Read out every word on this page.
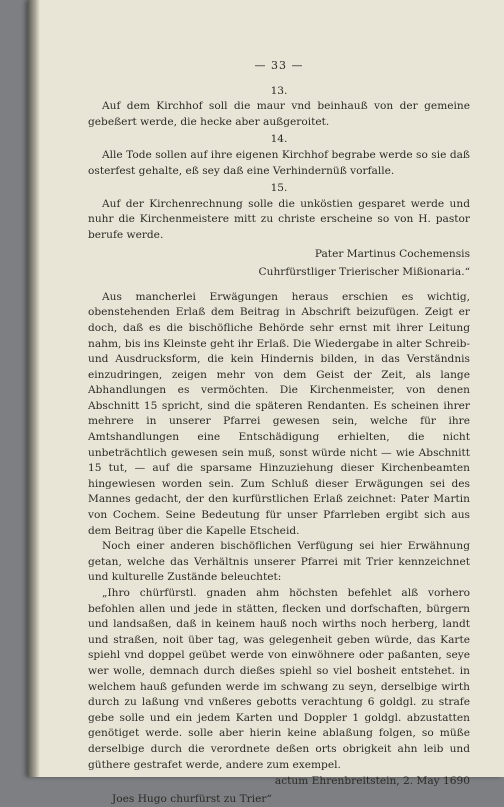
— 33 —
13.

Auf dem Kirchhof soll die maur vnd beinhauß von der gemeine gebeßert werde, die hecke aber außgeroitet.

14.

Alle Tode sollen auf ihre eigenen Kirchhof begrabe werde so sie daß osterfest gehalte, eß sey daß eine Verhindernüß vorfalle.

15.

Auf der Kirchenrechnung solle die unköstien gesparet werde und nuhr die Kirchenmeistere mitt zu christe erscheine so von H. pastor berufe werde.

Pater Martinus Cochemensis
Cuhrfürstliger Trierischer Mißionaria.“

Aus mancherlei Erwägungen heraus erschien es wichtig, obenstehenden Erlaß dem Beitrag in Abschrift beizufügen. Zeigt er doch, daß es die bischöfliche Behörde sehr ernst mit ihrer Leitung nahm, bis ins Kleinste geht ihr Erlaß. Die Wiedergabe in alter Schreib- und Ausdrucksform, die kein Hindernis bilden, in das Verständnis einzudringen, zeigen mehr von dem Geist der Zeit, als lange Abhandlungen es vermöchten. Die Kirchenmeister, von denen Abschnitt 15 spricht, sind die späteren Rendanten. Es scheinen ihrer mehrere in unserer Pfarrei gewesen sein, welche für ihre Amtshandlungen eine Entschädigung erhielten, die nicht unbeträchtlich gewesen sein muß, sonst würde nicht — wie Abschnitt 15 tut, — auf die sparsame Hinzuziehung dieser Kirchenbeamten hingewiesen worden sein. Zum Schluß dieser Erwägungen sei des Mannes gedacht, der den kurfürstlichen Erlaß zeichnet: Pater Martin von Cochem. Seine Bedeutung für unser Pfarrleben ergibt sich aus dem Beitrag über die Kapelle Etscheid.

Noch einer anderen bischöflichen Verfügung sei hier Erwähnung getan, welche das Verhältnis unserer Pfarrei mit Trier kennzeichnet und kulturelle Zustände beleuchtet:

„Ihro chürfürstl. gnaden ahm höchsten befehlet alß vorhero befohlen allen und jede in stätten, flecken und dorfschaften, bürgern und landsaßen, daß in keinem hauß noch wirths noch herberg, landt und straßen, noit über tag, was gelegenheit geben würde, das Karte spiehl vnd doppel geübet werde von einwöhnere oder paßanten, seye wer wolle, demnach durch dießes spiehl so viel bosheit entstehet. in welchem hauß gefunden werde im schwang zu seyn, derselbige wirth durch zu laßung vnd vnßeres gebotts verachtung 6 goldgl. zu strafe gebe solle und ein jedem Karten und Doppler 1 goldgl. abzustatten genötiget werde. solle aber hierin keine ablaßung folgen, so müße derselbige durch die verordnete deßen orts obrigkeit ahn leib und güthere gestrafet werde, andere zum exempel.

actum Ehrenbreitstein, 2. May 1690
Joes Hugo churfürst zu Trier“
